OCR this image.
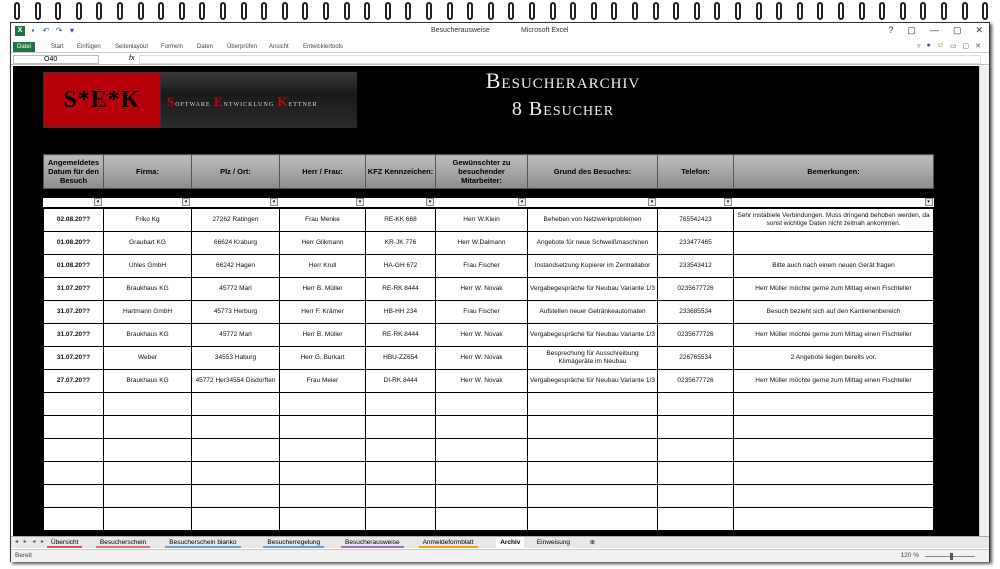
X	▪	↶ ↷ ▾	Besucherausweise	Microsoft Excel	? ▢ — ▢ ✕
Datei	Start	Einfügen	Seitenlayout	Formeln	Daten	Überprüfen	Ansicht	Entwicklertools	▿ ● ☺ ▭ ▢ ✕
O40	fx
S*E*K	Software Entwicklung Kettner
Besucherarchiv
8 Besucher
Angemeldetes Datum für den Besuch	Firma:	Plz / Ort:	Herr / Frau:	KFZ Kennzeichen:	Gewünschter zu besuchender Mitarbeiter:	Grund des Besuches:	Telefon:	Bemerkungen:
▾	▾	▾	▾	▾	▾	▾	▾	▾
02.08.20??	Friko Kg	27262 Ratingen	Frau Menke	RE-KK 668	Herr W.Klein	Beheben von Netzwerkproblemen	765542423	Sehr instabiele Verbindungen. Muss dringend behoben werden, da sonst wichtige Daten nicht zeitnah ankommen.
01.08.20??	Graubart KG	66624 Kraburg	Herr Glikmann	KR-JK 776	Herr W.Dalmann	Angebote für neue Schweißmaschinen	233477465	
01.08.20??	Uhles GmbH	66242 Hagen	Herr Krull	HA-GH 672	Frau Fischer	Instandsetzung Kopierer im Zentrallabor	233543412	Bitte auch nach einem neuen Gerät fragen
31.07.20??	Braukhaus KG	45772 Marl	Herr B. Müller	RE-RK 8444	Herr W. Novak	Vergabegespräche für Neubau Variante 1/3	0235677726	Herr Müller möchte gerne zum Mittag einen Fischteller
31.07.20??	Hartmann GmbH	45773 Herburg	Herr F. Krämer	HB-HH 234	Frau Fischer	Aufstellen neuer Getränkeautomaten	233685534	Besuch bezieht sich auf den Kantienenbereich
31.07.20??	Braukhaus KG	45772 Marl	Herr B. Müller	RE-RK 8444	Herr W. Novak	Vergabegespräche für Neubau Variante 1/3	0235677726	Herr Müller möchte gerne zum Mittag einen Fischteller
31.07.20??	Weber	34553 Haburg	Herr G. Burkart	HBU-ZZ654	Herr W. Novak	Besprechung für Ausschreibung Klimageräte im Neubau	226765534	2 Angebote liegen bereits vor.
27.07.20??	Braukhaus KG	45772 Her34554 Disdorften	Frau Meier	DI-RK 8444	Herr W. Novak	Vergabegespräche für Neubau Variante 1/3	0235677726	Herr Müller möchte gerne zum Mittag einen Fischteller

◂ ▸ ◂ ▸ Übersicht	Besucherschein	Besucherschein blanko	Besucherregelung	Besucherausweise	Anmeldeformblatt	Archiv	Einweisung	⊕
Bereit	120 %
